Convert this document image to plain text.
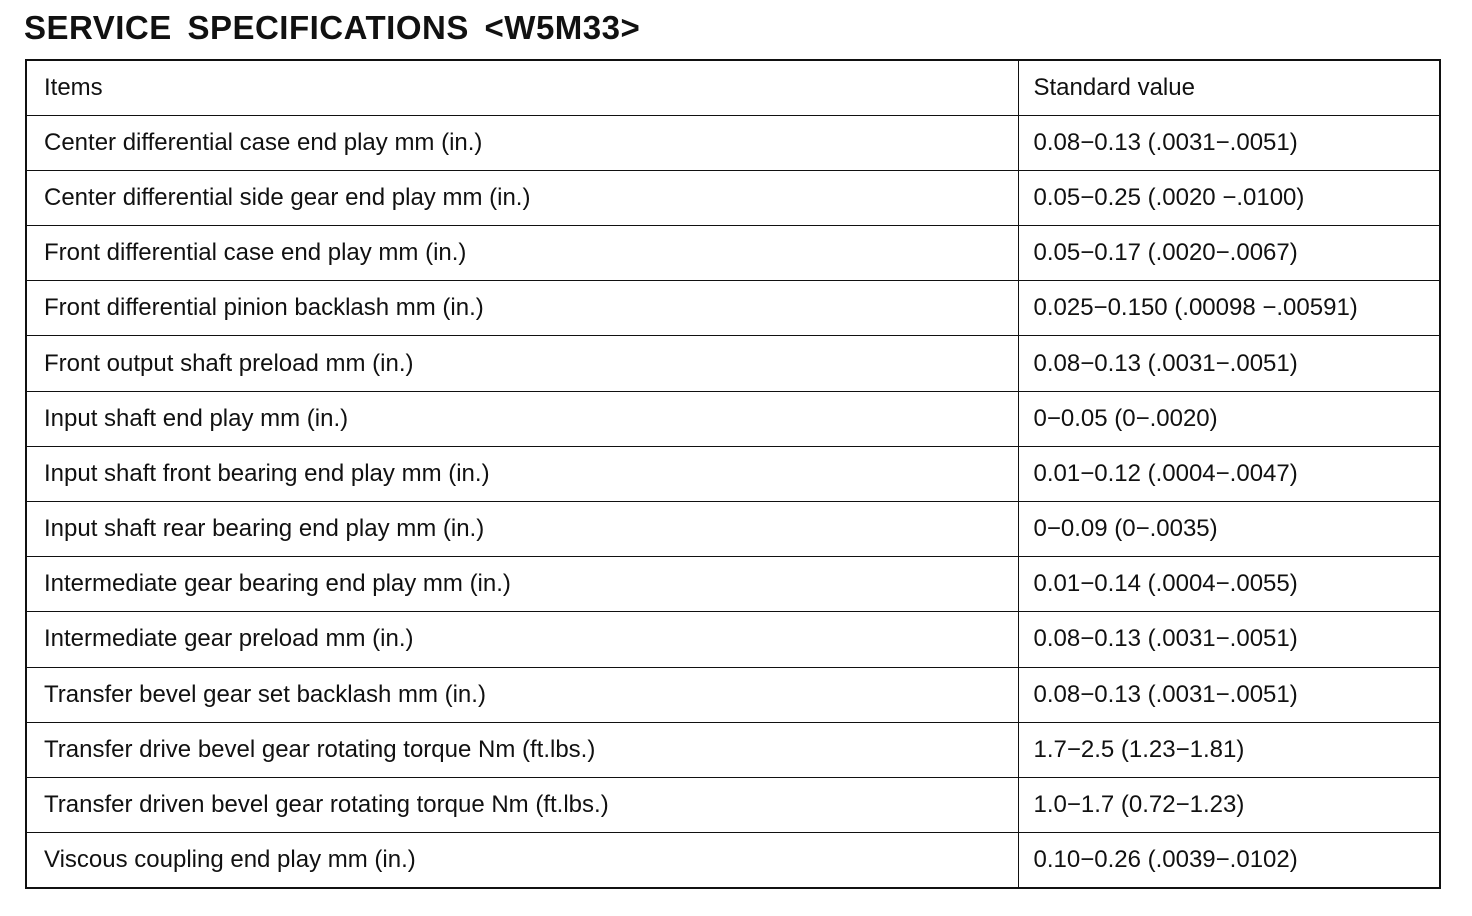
SERVICE SPECIFICATIONS <W5M33>
Items	Standard value
Center differential case end play mm (in.)	0.08−0.13 (.0031−.0051)
Center differential side gear end play mm (in.)	0.05−0.25 (.0020 −.0100)
Front differential case end play mm (in.)	0.05−0.17 (.0020−.0067)
Front differential pinion backlash mm (in.)	0.025−0.150 (.00098 −.00591)
Front output shaft preload mm (in.)	0.08−0.13 (.0031−.0051)
Input shaft end play mm (in.)	0−0.05 (0−.0020)
Input shaft front bearing end play mm (in.)	0.01−0.12 (.0004−.0047)
Input shaft rear bearing end play mm (in.)	0−0.09 (0−.0035)
Intermediate gear bearing end play mm (in.)	0.01−0.14 (.0004−.0055)
Intermediate gear preload mm (in.)	0.08−0.13 (.0031−.0051)
Transfer bevel gear set backlash mm (in.)	0.08−0.13 (.0031−.0051)
Transfer drive bevel gear rotating torque Nm (ft.lbs.)	1.7−2.5 (1.23−1.81)
Transfer driven bevel gear rotating torque Nm (ft.lbs.)	1.0−1.7 (0.72−1.23)
Viscous coupling end play mm (in.)	0.10−0.26 (.0039−.0102)
